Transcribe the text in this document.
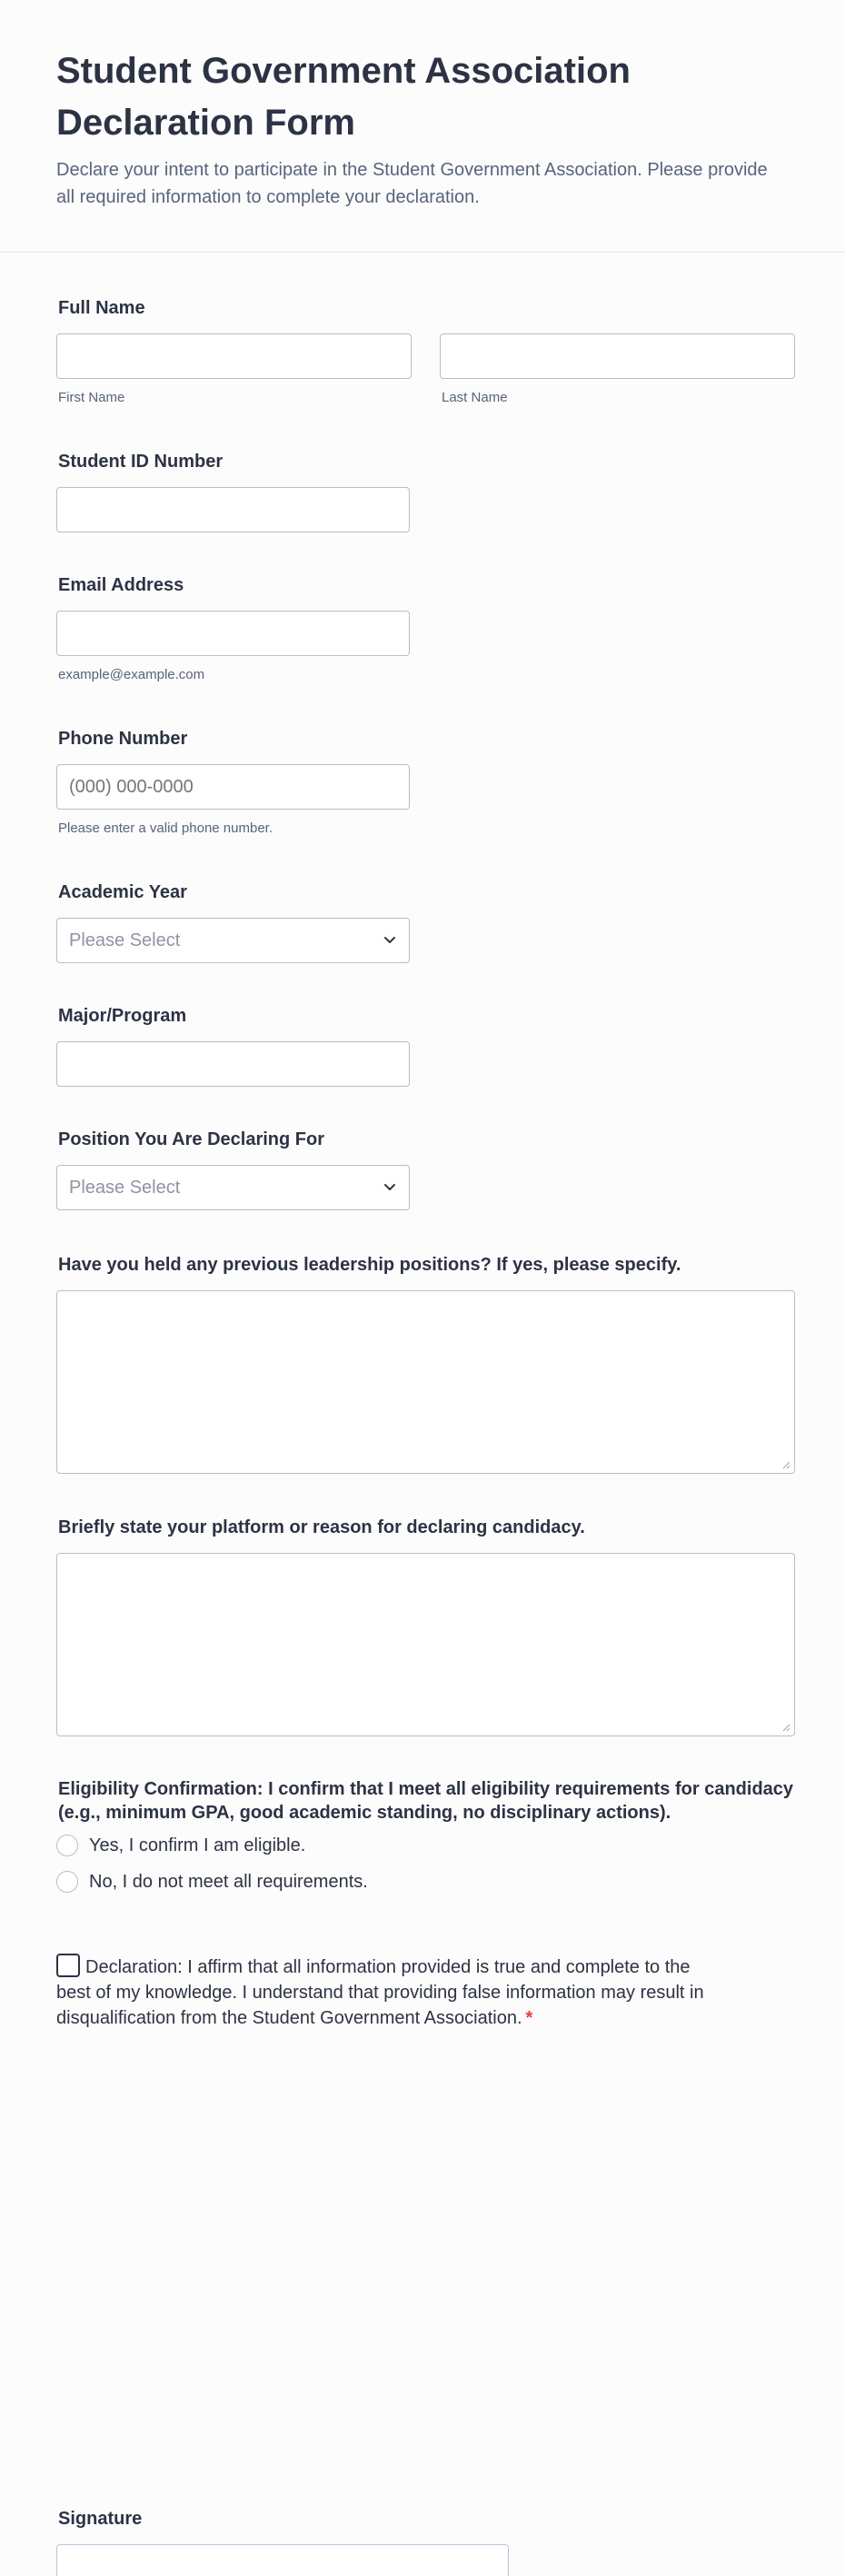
Student Government Association Declaration Form

Declare your intent to participate in the Student Government Association. Please provide all required information to complete your declaration.

Full Name
First Name	Last Name
Student ID Number
Email Address
example@example.com
Phone Number
(000) 000-0000
Please enter a valid phone number.
Academic Year
Please Select
Major/Program
Position You Are Declaring For
Please Select
Have you held any previous leadership positions? If yes, please specify.
Briefly state your platform or reason for declaring candidacy.
Eligibility Confirmation: I confirm that I meet all eligibility requirements for candidacy (e.g., minimum GPA, good academic standing, no disciplinary actions).
Yes, I confirm I am eligible.
No, I do not meet all requirements.
Declaration: I affirm that all information provided is true and complete to the best of my knowledge. I understand that providing false information may result in disqualification from the Student Government Association. *
Signature
